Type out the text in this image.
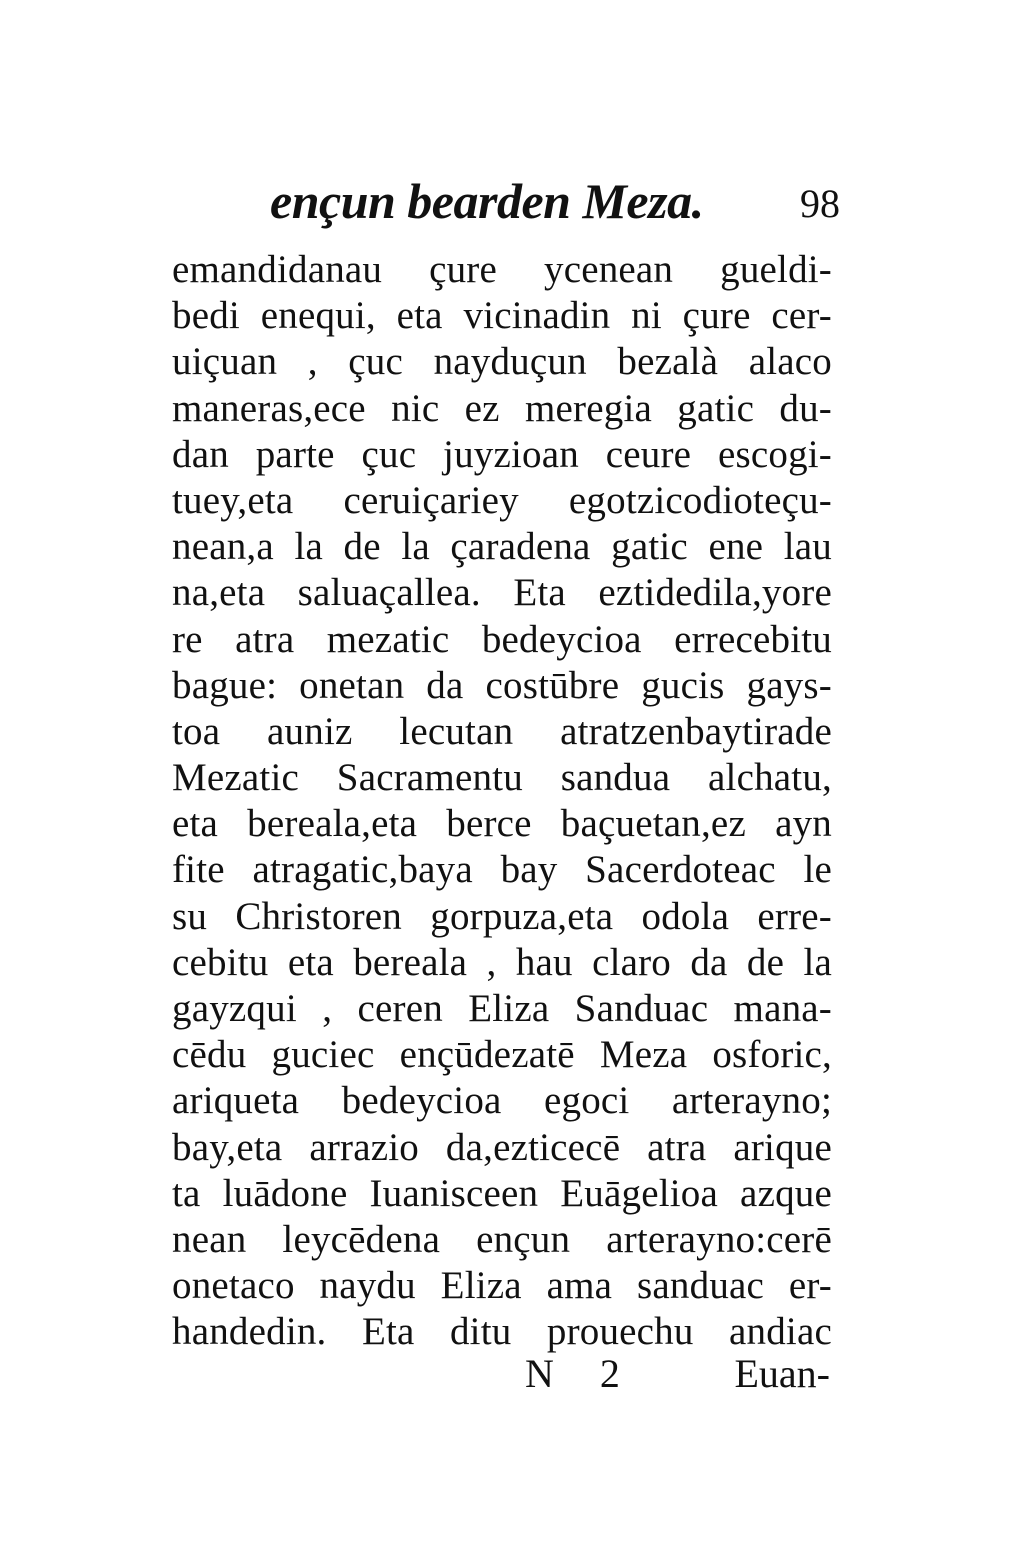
ençun bearden Meza. 98
emandidanau çure ycenean gueldi-
bedi enequi, eta vicinadin ni çure cer-
uiçuan , çuc nayduçun bezalà alaco
maneras,ece nic ez meregia gatic du-
dan parte çuc juyzioan ceure escogi-
tuey,eta ceruiçariey egotzicodioteçu-
nean,a la de la çaradena gatic ene lau
na,eta saluaçallea. Eta eztidedila,yore
re atra mezatic bedeycioa errecebitu
bague: onetan da costūbre gucis gays-
toa auniz lecutan atratzenbaytirade
Mezatic Sacramentu sandua alchatu,
eta bereala,eta berce baçuetan,ez ayn
fite atragatic,baya bay Sacerdoteac le
su Christoren gorpuza,eta odola erre-
cebitu eta bereala , hau claro da de la
gayzqui , ceren Eliza Sanduac mana-
cēdu guciec ençūdezatē Meza osforic,
ariqueta bedeycioa egoci arterayno;
bay,eta arrazio da,ezticecē atra arique
ta luādone Iuanisceen Euāgelioa azque
nean leycēdena ençun arterayno:cerē
onetaco naydu Eliza ama sanduac er-
handedin. Eta ditu prouechu andiac
N 2 Euan-
